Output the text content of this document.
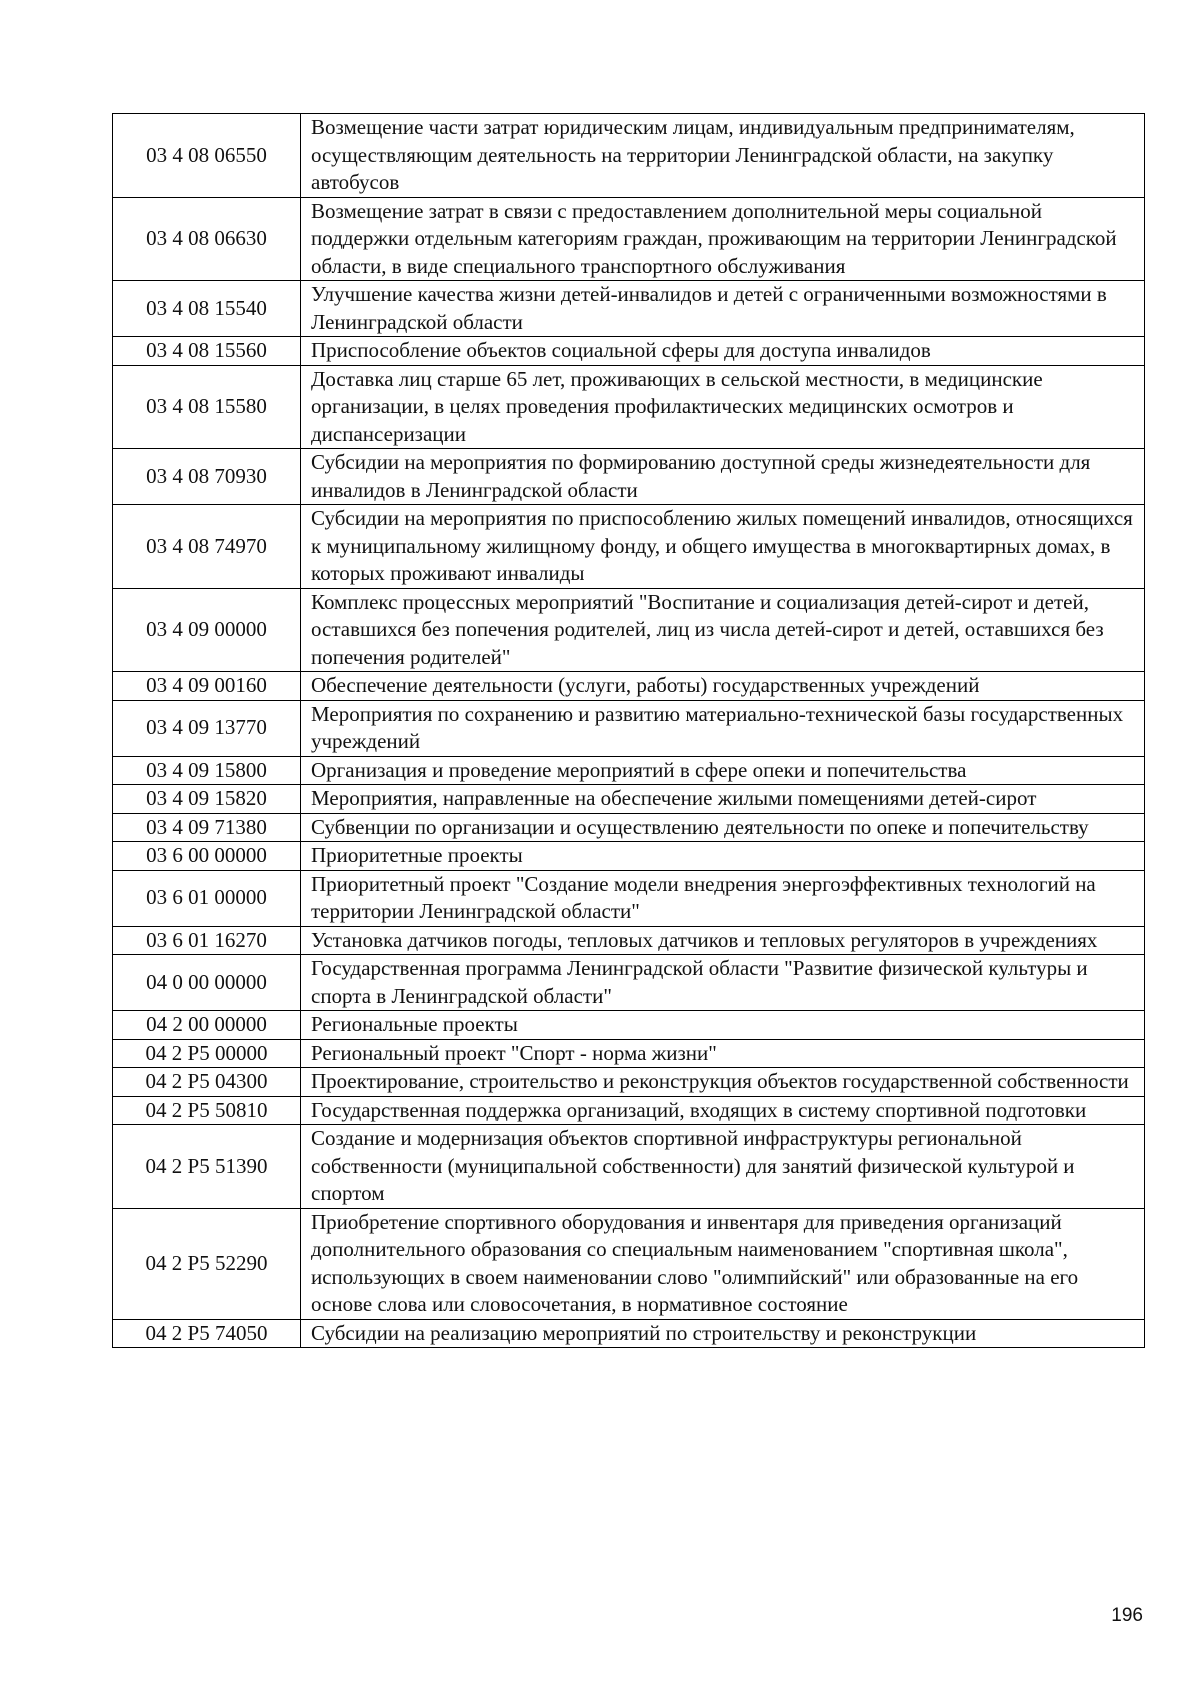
03 4 08 06550	Возмещение части затрат юридическим лицам, индивидуальным предпринимателям, осуществляющим деятельность на территории Ленинградской области, на закупку автобусов
03 4 08 06630	Возмещение затрат в связи с предоставлением дополнительной меры социальной поддержки отдельным категориям граждан, проживающим на территории Ленинградской области, в виде специального транспортного обслуживания
03 4 08 15540	Улучшение качества жизни детей-инвалидов и детей с ограниченными возможностями в Ленинградской области
03 4 08 15560	Приспособление объектов социальной сферы для доступа инвалидов
03 4 08 15580	Доставка лиц старше 65 лет, проживающих в сельской местности, в медицинские организации, в целях проведения профилактических медицинских осмотров и диспансеризации
03 4 08 70930	Субсидии на мероприятия по формированию доступной среды жизнедеятельности для инвалидов в Ленинградской области
03 4 08 74970	Субсидии на мероприятия по приспособлению жилых помещений инвалидов, относящихся к муниципальному жилищному фонду, и общего имущества в многоквартирных домах, в которых проживают инвалиды
03 4 09 00000	Комплекс процессных мероприятий "Воспитание и социализация детей-сирот и детей, оставшихся без попечения родителей, лиц из числа детей-сирот и детей, оставшихся без попечения родителей"
03 4 09 00160	Обеспечение деятельности (услуги, работы) государственных учреждений
03 4 09 13770	Мероприятия по сохранению и развитию материально-технической базы государственных учреждений
03 4 09 15800	Организация и проведение мероприятий в сфере опеки и попечительства
03 4 09 15820	Мероприятия, направленные на обеспечение жилыми помещениями детей-сирот
03 4 09 71380	Субвенции по организации и осуществлению деятельности по опеке и попечительству
03 6 00 00000	Приоритетные проекты
03 6 01 00000	Приоритетный проект "Создание модели внедрения энергоэффективных технологий на территории Ленинградской области"
03 6 01 16270	Установка датчиков погоды, тепловых датчиков и тепловых регуляторов в учреждениях
04 0 00 00000	Государственная программа Ленинградской области "Развитие физической культуры и спорта в Ленинградской области"
04 2 00 00000	Региональные проекты
04 2 P5 00000	Региональный проект "Спорт - норма жизни"
04 2 P5 04300	Проектирование, строительство и реконструкция объектов государственной собственности
04 2 P5 50810	Государственная поддержка организаций, входящих в систему спортивной подготовки
04 2 P5 51390	Создание и модернизация объектов спортивной инфраструктуры региональной собственности (муниципальной собственности) для занятий физической культурой и спортом
04 2 P5 52290	Приобретение спортивного оборудования и инвентаря для приведения организаций дополнительного образования со специальным наименованием "спортивная школа", использующих в своем наименовании слово "олимпийский" или образованные на его основе слова или словосочетания, в нормативное состояние
04 2 P5 74050	Субсидии на реализацию мероприятий по строительству и реконструкции
196
